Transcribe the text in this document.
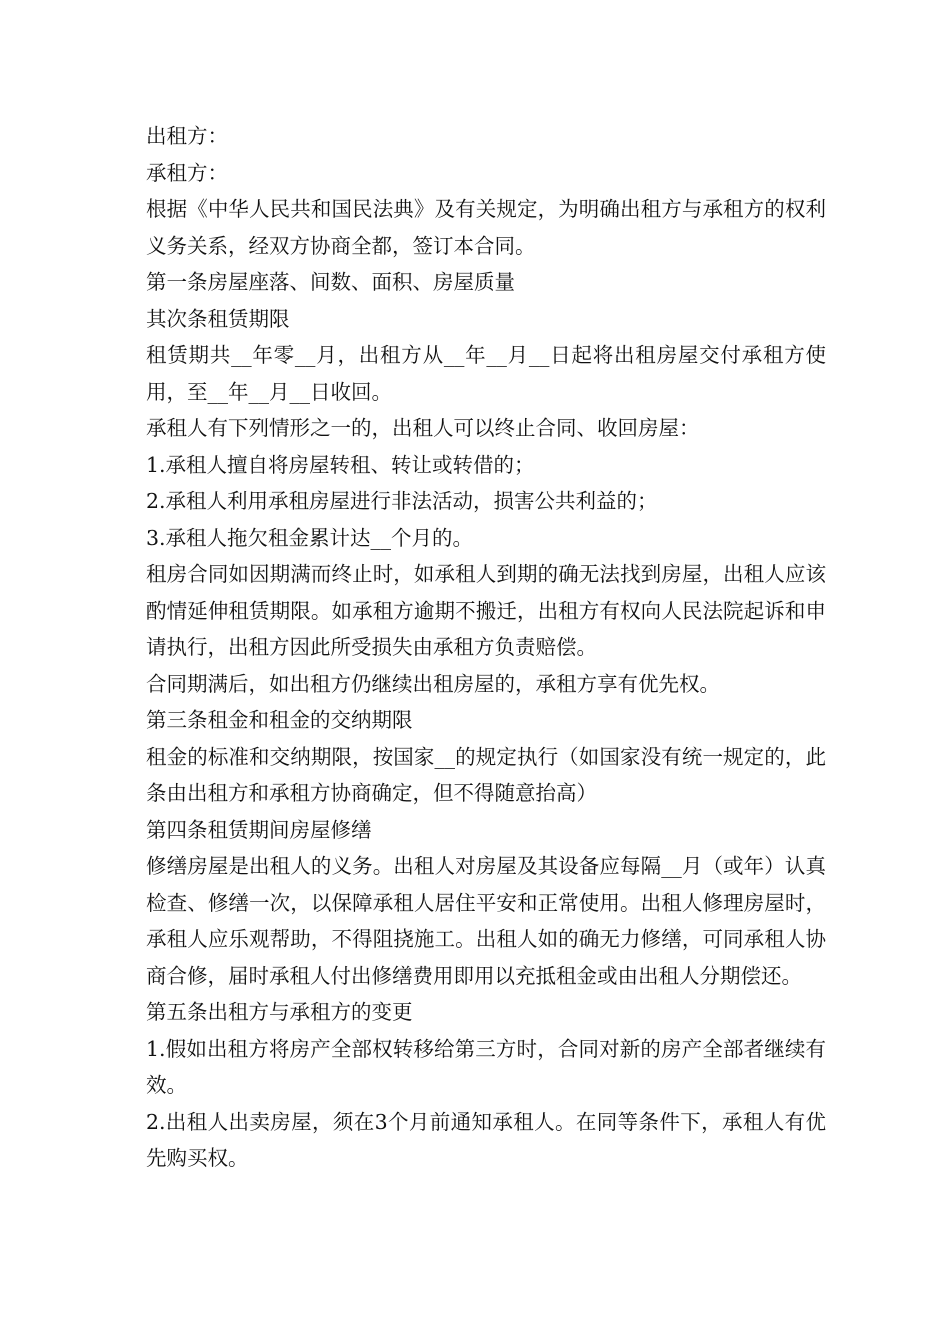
出租方：

承租方：

根据《中华人民共和国民法典》及有关规定，为明确出租方与承租方的权利义务关系，经双方协商全都，签订本合同。

第一条房屋座落、间数、面积、房屋质量

其次条租赁期限

租赁期共__年零__月，出租方从__年__月__日起将出租房屋交付承租方使用，至__年__月__日收回。

承租人有下列情形之一的，出租人可以终止合同、收回房屋：

1.承租人擅自将房屋转租、转让或转借的；

2.承租人利用承租房屋进行非法活动，损害公共利益的；

3.承租人拖欠租金累计达__个月的。

租房合同如因期满而终止时，如承租人到期的确无法找到房屋，出租人应该酌情延伸租赁期限。如承租方逾期不搬迁，出租方有权向人民法院起诉和申请执行，出租方因此所受损失由承租方负责赔偿。

合同期满后，如出租方仍继续出租房屋的，承租方享有优先权。

第三条租金和租金的交纳期限

租金的标准和交纳期限，按国家__的规定执行（如国家没有统一规定的，此条由出租方和承租方协商确定，但不得随意抬高）

第四条租赁期间房屋修缮

修缮房屋是出租人的义务。出租人对房屋及其设备应每隔__月（或年）认真检查、修缮一次，以保障承租人居住平安和正常使用。出租人修理房屋时，承租人应乐观帮助，不得阻挠施工。出租人如的确无力修缮，可同承租人协商合修，届时承租人付出修缮费用即用以充抵租金或由出租人分期偿还。

第五条出租方与承租方的变更

1.假如出租方将房产全部权转移给第三方时，合同对新的房产全部者继续有效。

2.出租人出卖房屋，须在3个月前通知承租人。在同等条件下，承租人有优先购买权。
